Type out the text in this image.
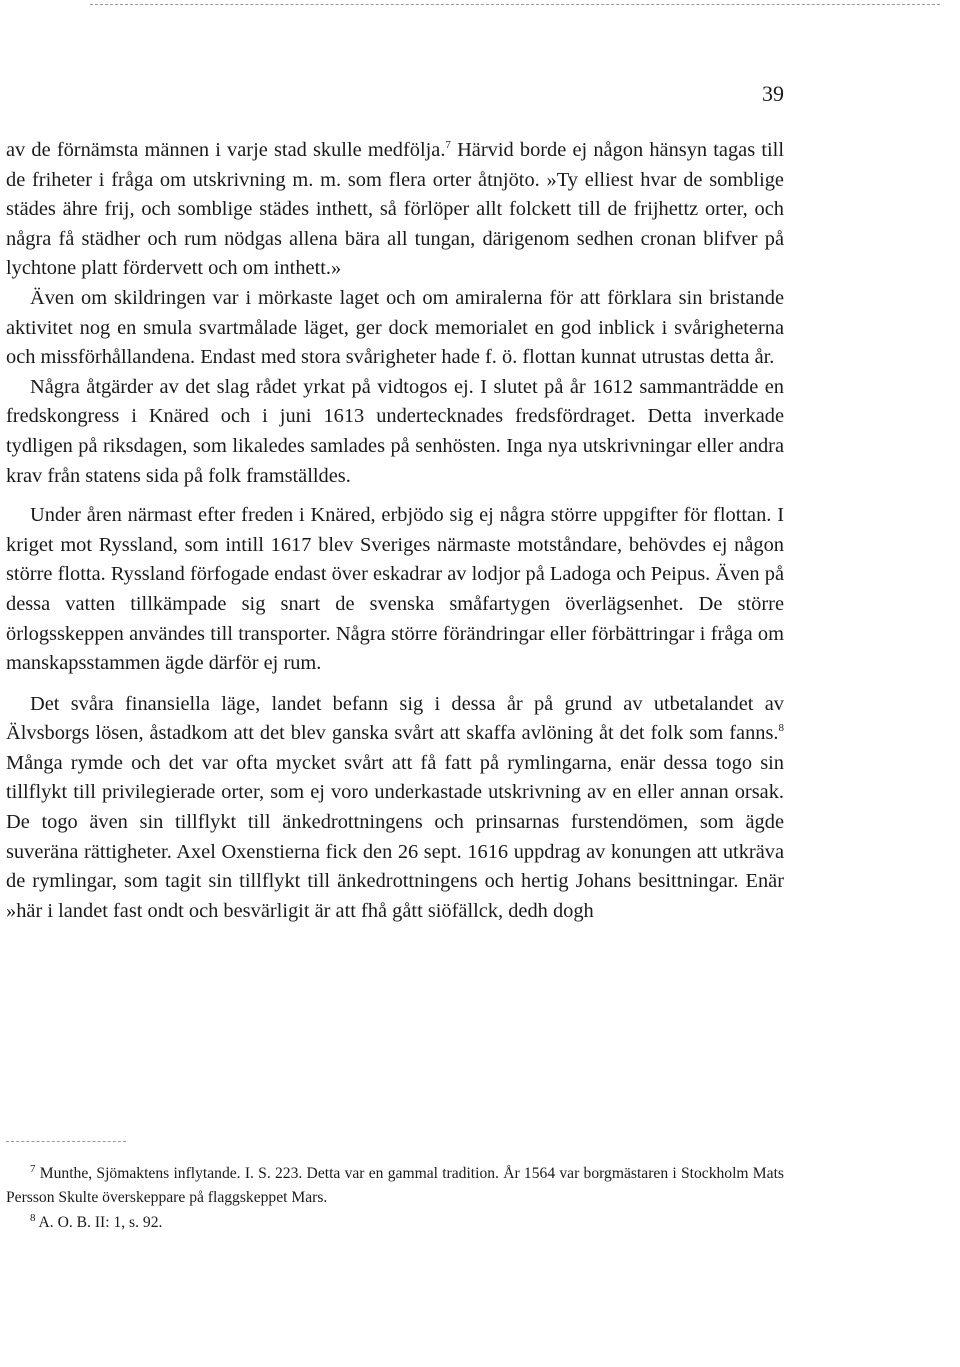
39

av de förnämsta männen i varje stad skulle medfölja.$^7$ Härvid borde ej någon hänsyn tagas till de friheter i fråga om utskrivning m. m. som flera orter åtnjöto. »Ty elliest hvar de somblige städes ähre frij, och somblige städes inthett, så förlöper allt folckett till de frijhettz orter, och några få städher och rum nödgas allena bära all tungan, därigenom sedhen cronan blifver på lychtone platt fördervett och om inthett.»

Även om skildringen var i mörkaste laget och om amiralerna för att förklara sin bristande aktivitet nog en smula svartmålade läget, ger dock memorialet en god inblick i svårigheterna och missförhållandena. Endast med stora svårigheter hade f. ö. flottan kunnat utrustas detta år.

Några åtgärder av det slag rådet yrkat på vidtogos ej. I slutet på år 1612 sammanträdde en fredskongress i Knäred och i juni 1613 undertecknades fredsfördraget. Detta inverkade tydligen på riksdagen, som likaledes samlades på senhösten. Inga nya utskrivningar eller andra krav från statens sida på folk framställdes.

Under åren närmast efter freden i Knäred, erbjödo sig ej några större uppgifter för flottan. I kriget mot Ryssland, som intill 1617 blev Sveriges närmaste motståndare, behövdes ej någon större flotta. Ryssland förfogade endast över eskadrar av lodjor på Ladoga och Peipus. Även på dessa vatten tillkämpade sig snart de svenska småfartygen överlägsenhet. De större örlogsskeppen användes till transporter. Några större förändringar eller förbättringar i fråga om manskapsstammen ägde därför ej rum.

Det svåra finansiella läge, landet befann sig i dessa år på grund av utbetalandet av Älvsborgs lösen, åstadkom att det blev ganska svårt att skaffa avlöning åt det folk som fanns.$^8$ Många rymde och det var ofta mycket svårt att få fatt på rymlingarna, enär dessa togo sin tillflykt till privilegierade orter, som ej voro underkastade utskrivning av en eller annan orsak. De togo även sin tillflykt till änkedrottningens och prinsarnas furstendömen, som ägde suveräna rättigheter. Axel Oxenstierna fick den 26 sept. 1616 uppdrag av konungen att utkräva de rymlingar, som tagit sin tillflykt till änkedrottningens och hertig Johans besittningar. Enär »här i landet fast ondt och besvärligit är att fhå gått siöfällck, dedh dogh

$^7$ Munthe, Sjömaktens inflytande. I. S. 223. Detta var en gammal tradition. År 1564 var borgmästaren i Stockholm Mats Persson Skulte överskeppare på flaggskeppet Mars.

$^8$ A. O. B. II: 1, s. 92.
